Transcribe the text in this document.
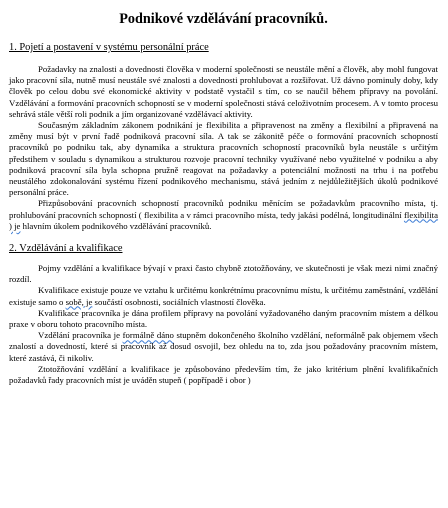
Podnikové vzdělávání pracovníků.
1. Pojetí a postavení v systému personální práce

Požadavky na znalosti a dovednosti člověka v moderní společnosti se neustále mění a člověk, aby mohl fungovat jako pracovní síla, nutně musí neustále své znalosti a dovednosti prohlubovat a rozšiřovat. Už dávno pominuly doby, kdy člověk po celou dobu své ekonomické aktivity v podstatě vystačil s tím, co se naučil během přípravy na povolání. Vzdělávání a formování pracovních schopností se v moderní společnosti stává celoživotním procesem. A v tomto procesu sehrává stále větší roli podnik a jím organizované vzdělávací aktivity.

Současným základním zákonem podnikání je flexibilita a připravenost na změny a flexibilní a připravená na změny musí být v první řadě podniková pracovní síla. A tak se zákonitě péče o formování pracovních schopností pracovníků po podniku tak, aby dynamika a struktura pracovních schopností pracovníků byla neustále s určitým předstihem v souladu s dynamikou a strukturou rozvoje pracovní techniky využívané nebo využitelné v podniku a aby podniková pracovní síla byla schopna pružně reagovat na požadavky a potenciální možnosti na trhu i na potřebu neustálého zdokonalování systému řízení podnikového mechanismu, stává jedním z nejdůležitějších úkolů podnikové personální práce.

Přizpůsobování pracovních schopností pracovníků podniku měnícím se požadavkům pracovního místa, tj. prohlubování pracovních schopností ( flexibilita a v rámci pracovního místa, tedy jakási podélná, longitudinální flexibilita ) je hlavním úkolem podnikového vzdělávání pracovníků.

2. Vzdělávání a kvalifikace

Pojmy vzdělání a kvalifikace bývají v praxi často chybně ztotožňovány, ve skutečnosti je však mezi nimi značný rozdíl.

Kvalifikace existuje pouze ve vztahu k určitému konkrétnímu pracovnímu místu, k určitému zaměstnání, vzdělání existuje samo o sobě, je součástí osobnosti, sociálních vlastností člověka.

Kvalifikace pracovníka je dána profilem přípravy na povolání vyžadovaného daným pracovním místem a délkou praxe v oboru tohoto pracovního místa.

Vzdělání pracovníka je formálně dáno stupněm dokončeného školního vzdělání, neformálně pak objemem všech znalostí a dovedností, které si pracovník až dosud osvojil, bez ohledu na to, zda jsou požadovány pracovním místem, které zastává, či nikoliv.

Ztotožňování vzdělání a kvalifikace je způsobováno především tím, že jako kritérium plnění kvalifikačních požadavků řady pracovních míst je uváděn stupeň ( popřípadě i obor )
